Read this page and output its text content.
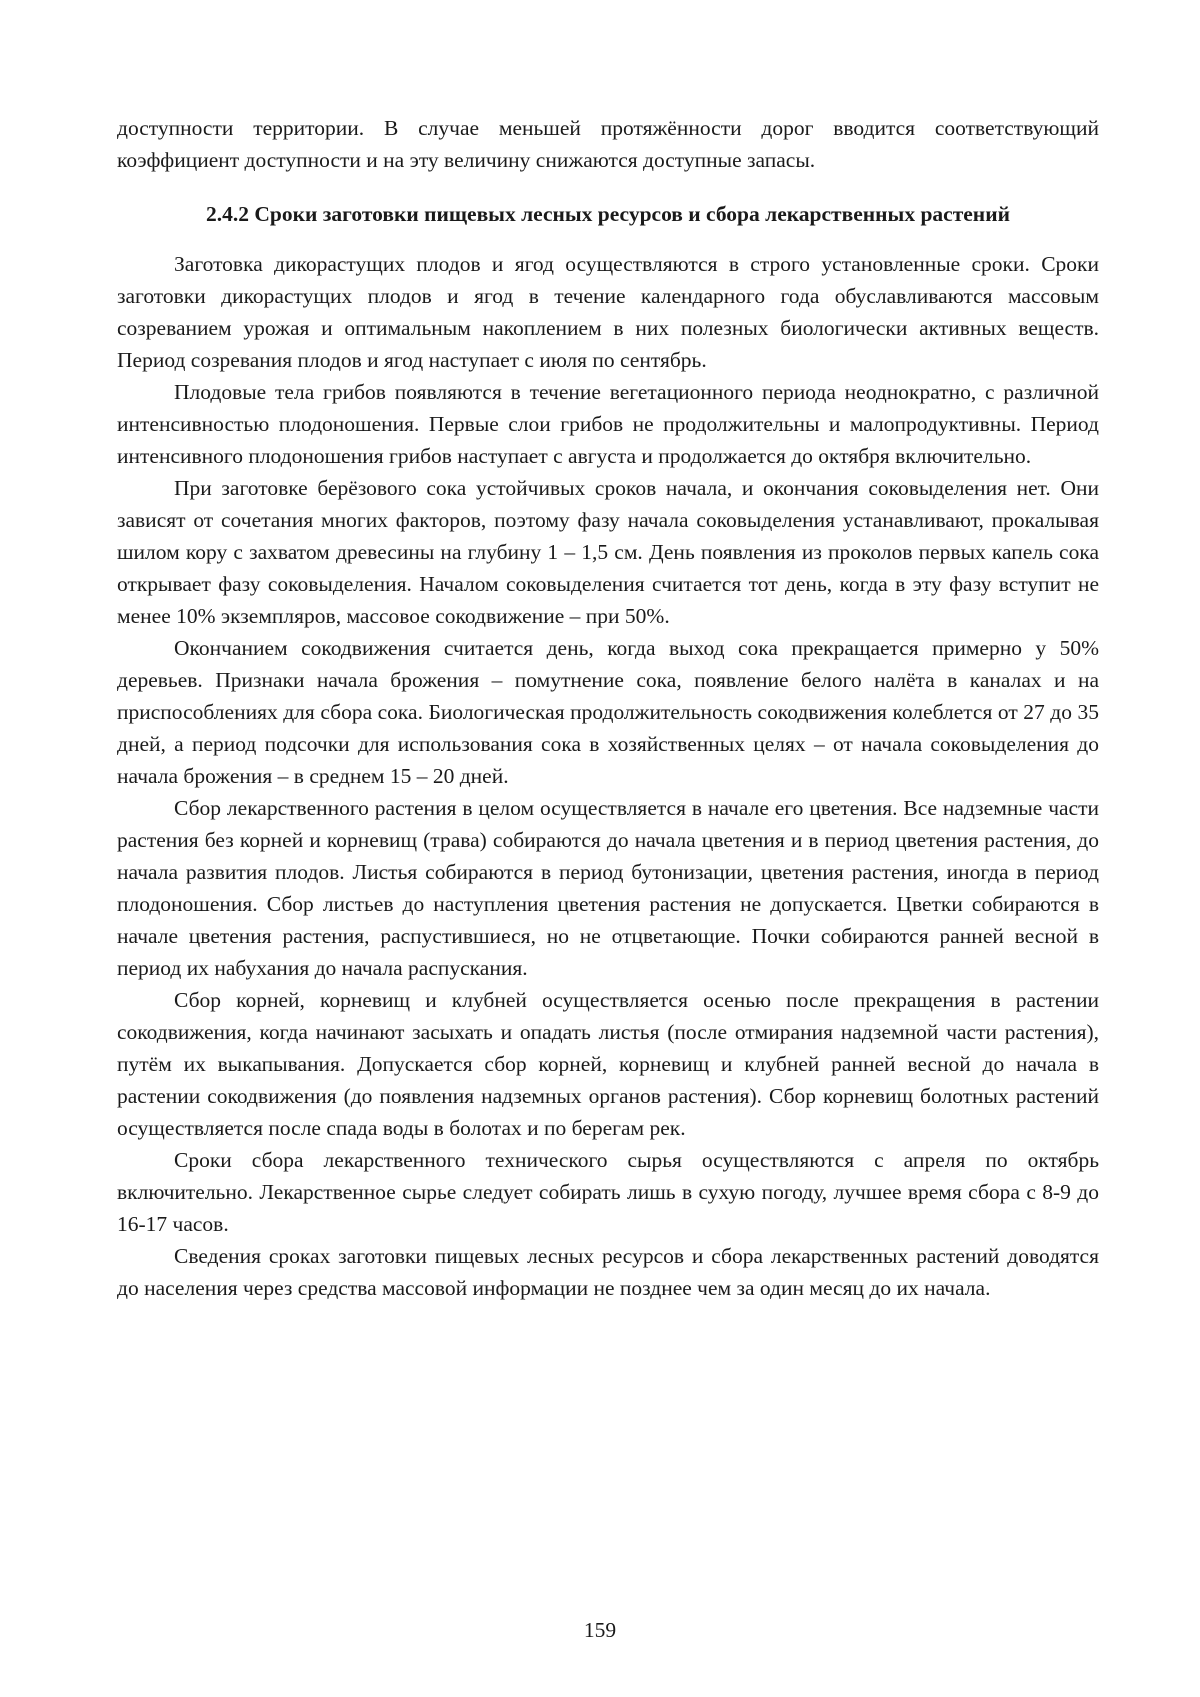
доступности территории. В случае меньшей протяжённости дорог вводится соответствующий коэффициент доступности и на эту величину снижаются доступные запасы.

2.4.2 Сроки заготовки пищевых лесных ресурсов и сбора лекарственных растений

Заготовка дикорастущих плодов и ягод осуществляются в строго установленные сроки. Сроки заготовки дикорастущих плодов и ягод в течение календарного года обуславливаются массовым созреванием урожая и оптимальным накоплением в них полезных биологически активных веществ. Период созревания плодов и ягод наступает с июля по сентябрь.

Плодовые тела грибов появляются в течение вегетационного периода неоднократно, с различной интенсивностью плодоношения. Первые слои грибов не продолжительны и малопродуктивны. Период интенсивного плодоношения грибов наступает с августа и продолжается до октября включительно.

При заготовке берёзового сока устойчивых сроков начала, и окончания соковыделения нет. Они зависят от сочетания многих факторов, поэтому фазу начала соковыделения устанавливают, прокалывая шилом кору с захватом древесины на глубину 1 – 1,5 см. День появления из проколов первых капель сока открывает фазу соковыделения. Началом соковыделения считается тот день, когда в эту фазу вступит не менее 10% экземпляров, массовое сокодвижение – при 50%.

Окончанием сокодвижения считается день, когда выход сока прекращается примерно у 50% деревьев. Признаки начала брожения – помутнение сока, появление белого налёта в каналах и на приспособлениях для сбора сока. Биологическая продолжительность сокодвижения колеблется от 27 до 35 дней, а период подсочки для использования сока в хозяйственных целях – от начала соковыделения до начала брожения – в среднем 15 – 20 дней.

Сбор лекарственного растения в целом осуществляется в начале его цветения. Все надземные части растения без корней и корневищ (трава) собираются до начала цветения и в период цветения растения, до начала развития плодов. Листья собираются в период бутонизации, цветения растения, иногда в период плодоношения. Сбор листьев до наступления цветения растения не допускается. Цветки собираются в начале цветения растения, распустившиеся, но не отцветающие. Почки собираются ранней весной в период их набухания до начала распускания.

Сбор корней, корневищ и клубней осуществляется осенью после прекращения в растении сокодвижения, когда начинают засыхать и опадать листья (после отмирания надземной части растения), путём их выкапывания. Допускается сбор корней, корневищ и клубней ранней весной до начала в растении сокодвижения (до появления надземных органов растения). Сбор корневищ болотных растений осуществляется после спада воды в болотах и по берегам рек.

Сроки сбора лекарственного технического сырья осуществляются с апреля по октябрь включительно. Лекарственное сырье следует собирать лишь в сухую погоду, лучшее время сбора с 8-9 до 16-17 часов.

Сведения сроках заготовки пищевых лесных ресурсов и сбора лекарственных растений доводятся до населения через средства массовой информации не позднее чем за один месяц до их начала.

159
